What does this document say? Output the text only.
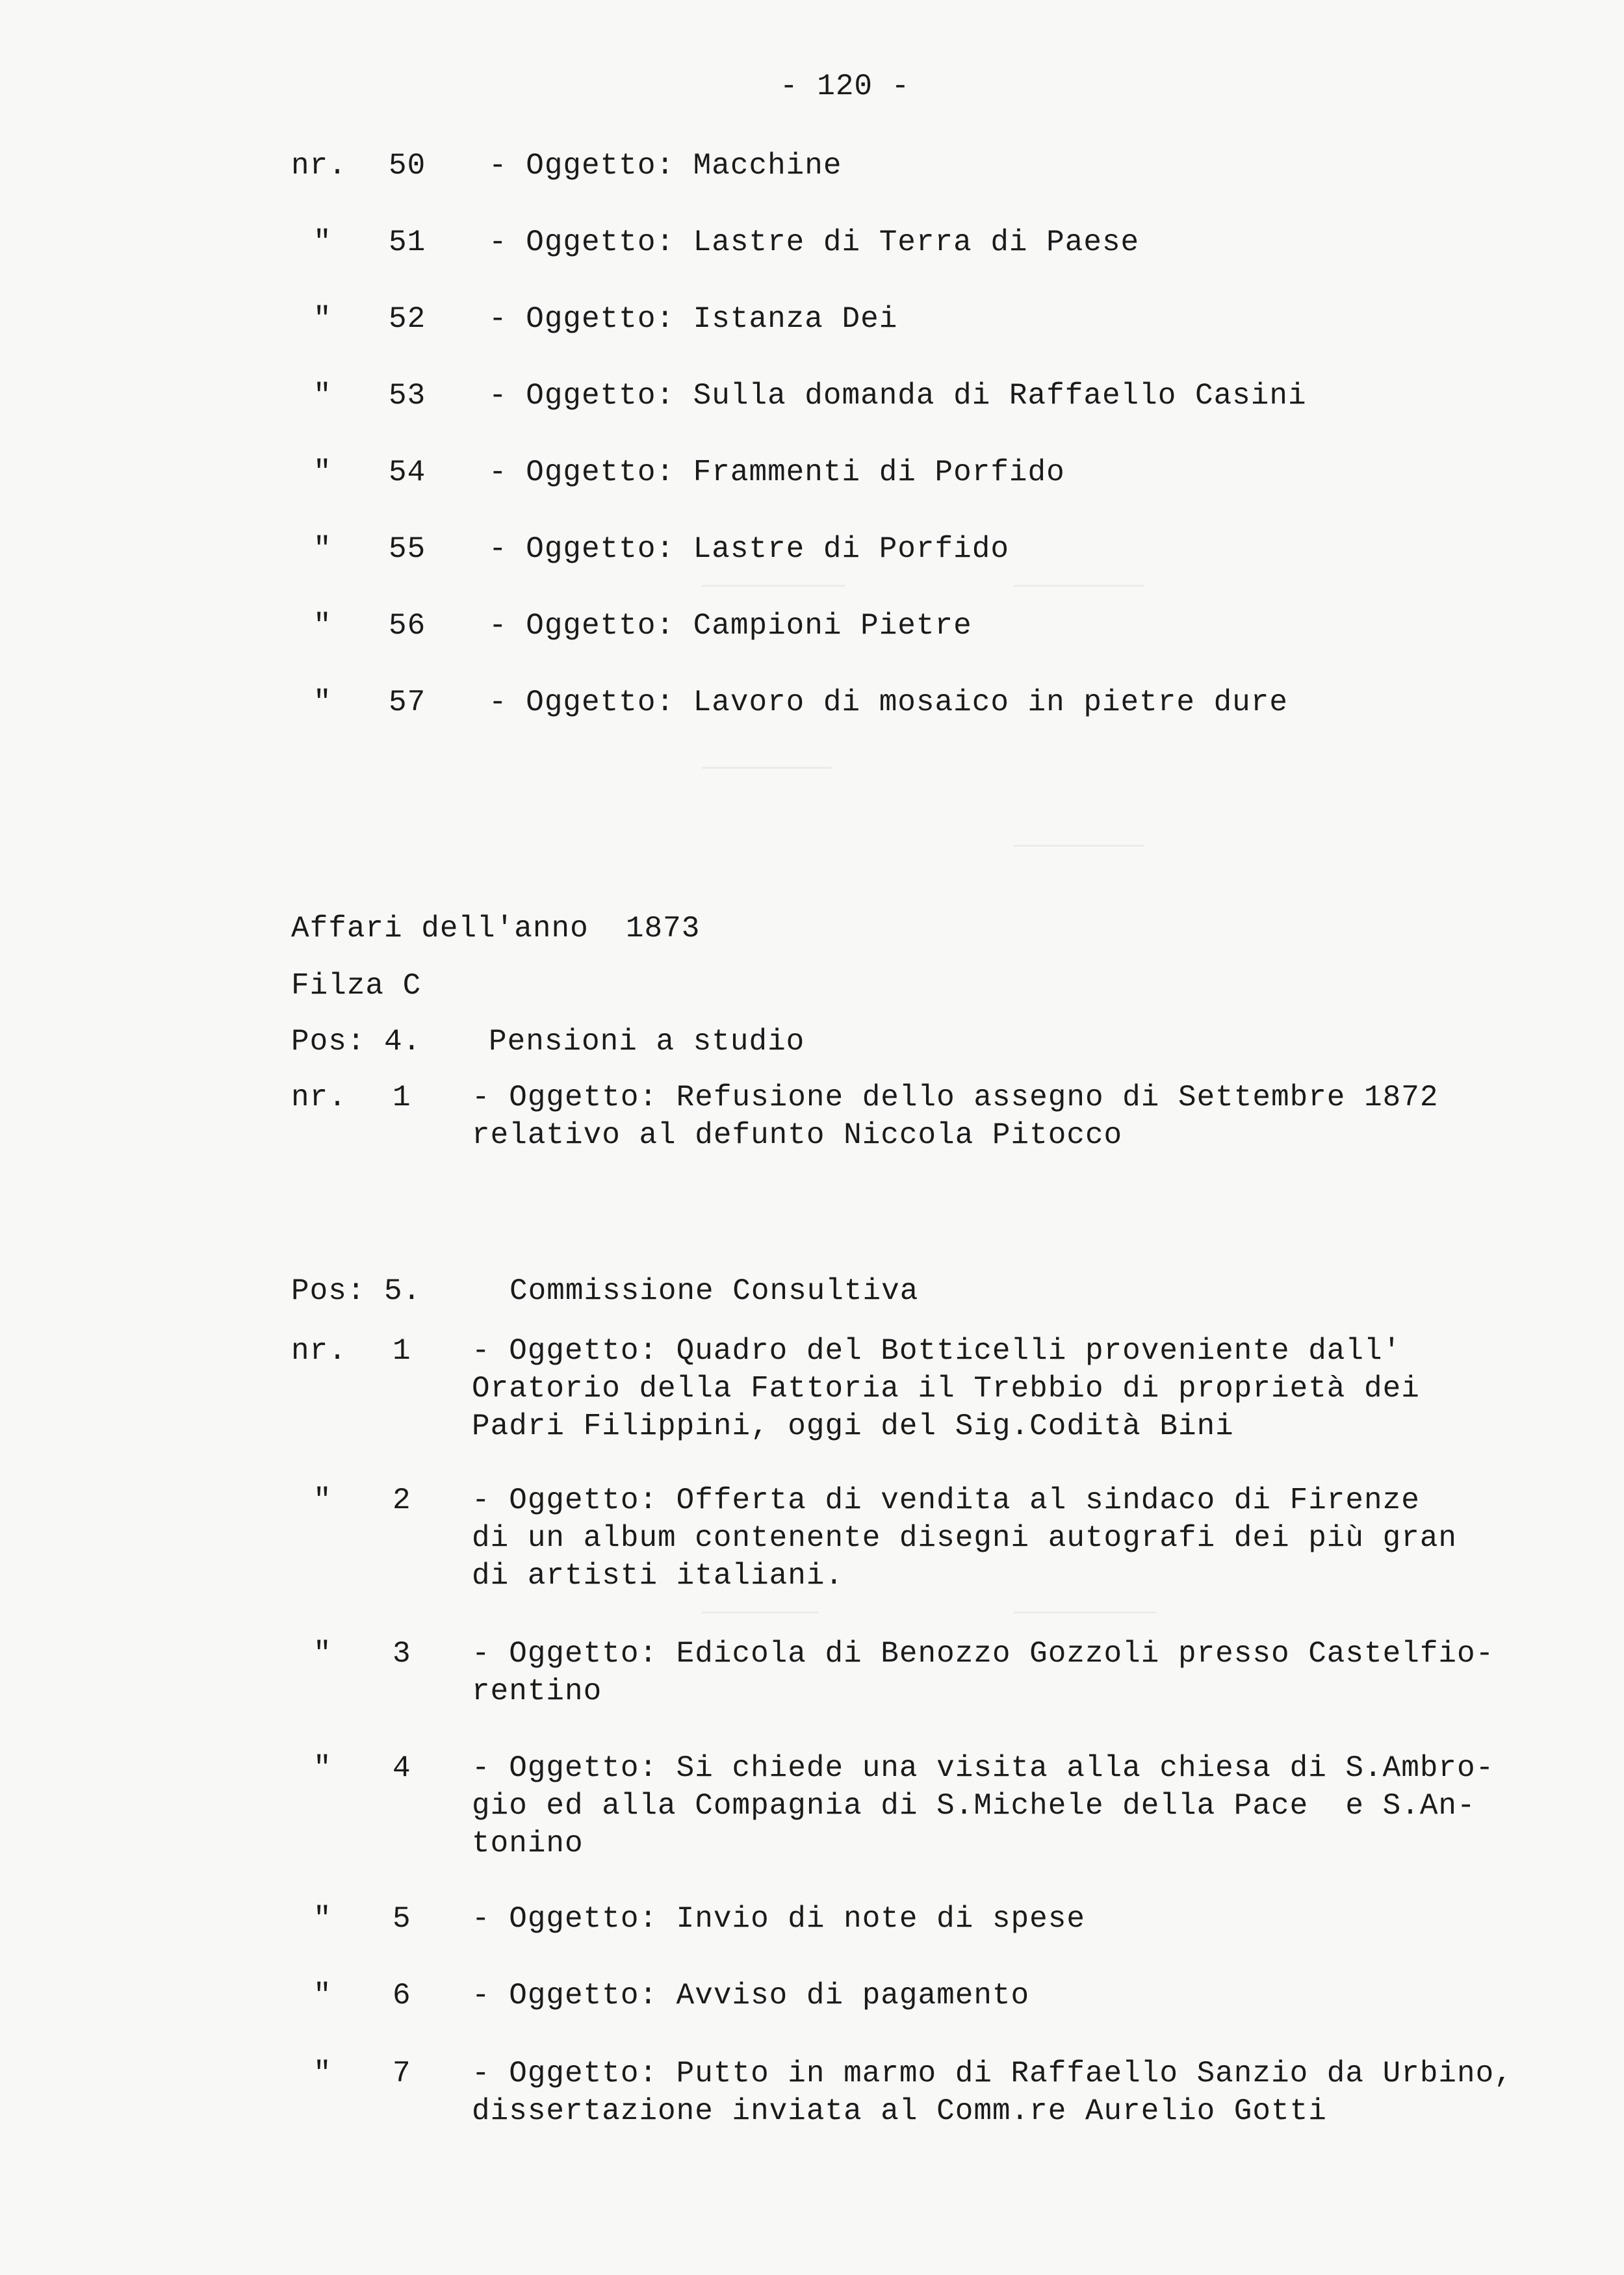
- 120 -
nr. 50 - Oggetto: Macchine
" 51 - Oggetto: Lastre di Terra di Paese
" 52 - Oggetto: Istanza Dei
" 53 - Oggetto: Sulla domanda di Raffaello Casini
" 54 - Oggetto: Frammenti di Porfido
" 55 - Oggetto: Lastre di Porfido
" 56 - Oggetto: Campioni Pietre
" 57 - Oggetto: Lavoro di mosaico in pietre dure
Affari dell'anno  1873
Filza C
Pos: 4. Pensioni a studio
nr. 1 - Oggetto: Refusione dello assegno di Settembre 1872
relativo al defunto Niccola Pitocco
Pos: 5.	Commissione Consultiva
nr. 1 - Oggetto: Quadro del Botticelli proveniente dall'
Oratorio della Fattoria il Trebbio di proprietà dei
Padri Filippini, oggi del Sig.Codità Bini
" 2 - Oggetto: Offerta di vendita al sindaco di Firenze
di un album contenente disegni autografi dei più gran
di artisti italiani.
" 3 - Oggetto: Edicola di Benozzo Gozzoli presso Castelfio-
rentino
" 4 - Oggetto: Si chiede una visita alla chiesa di S.Ambro-
gio ed alla Compagnia di S.Michele della Pace  e S.An-
tonino
" 5 - Oggetto: Invio di note di spese
" 6 - Oggetto: Avviso di pagamento
" 7 - Oggetto: Putto in marmo di Raffaello Sanzio da Urbino,
dissertazione inviata al Comm.re Aurelio Gotti
